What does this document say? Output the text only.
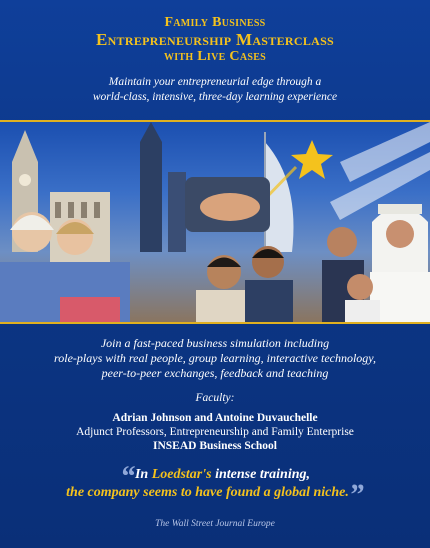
Family Business
Entrepreneurship Masterclass
with Live Cases
Maintain your entrepreneurial edge through a
world-class, intensive, three-day learning experience
Join a fast-paced business simulation including
role-plays with real people, group learning, interactive technology,
peer-to-peer exchanges, feedback and teaching
Faculty:
Adrian Johnson and Antoine Duvauchelle
Adjunct Professors, Entrepreneurship and Family Enterprise
INSEAD Business School
“In Loedstar's intense training,
the company seems to have found a global niche.”
The Wall Street Journal Europe
